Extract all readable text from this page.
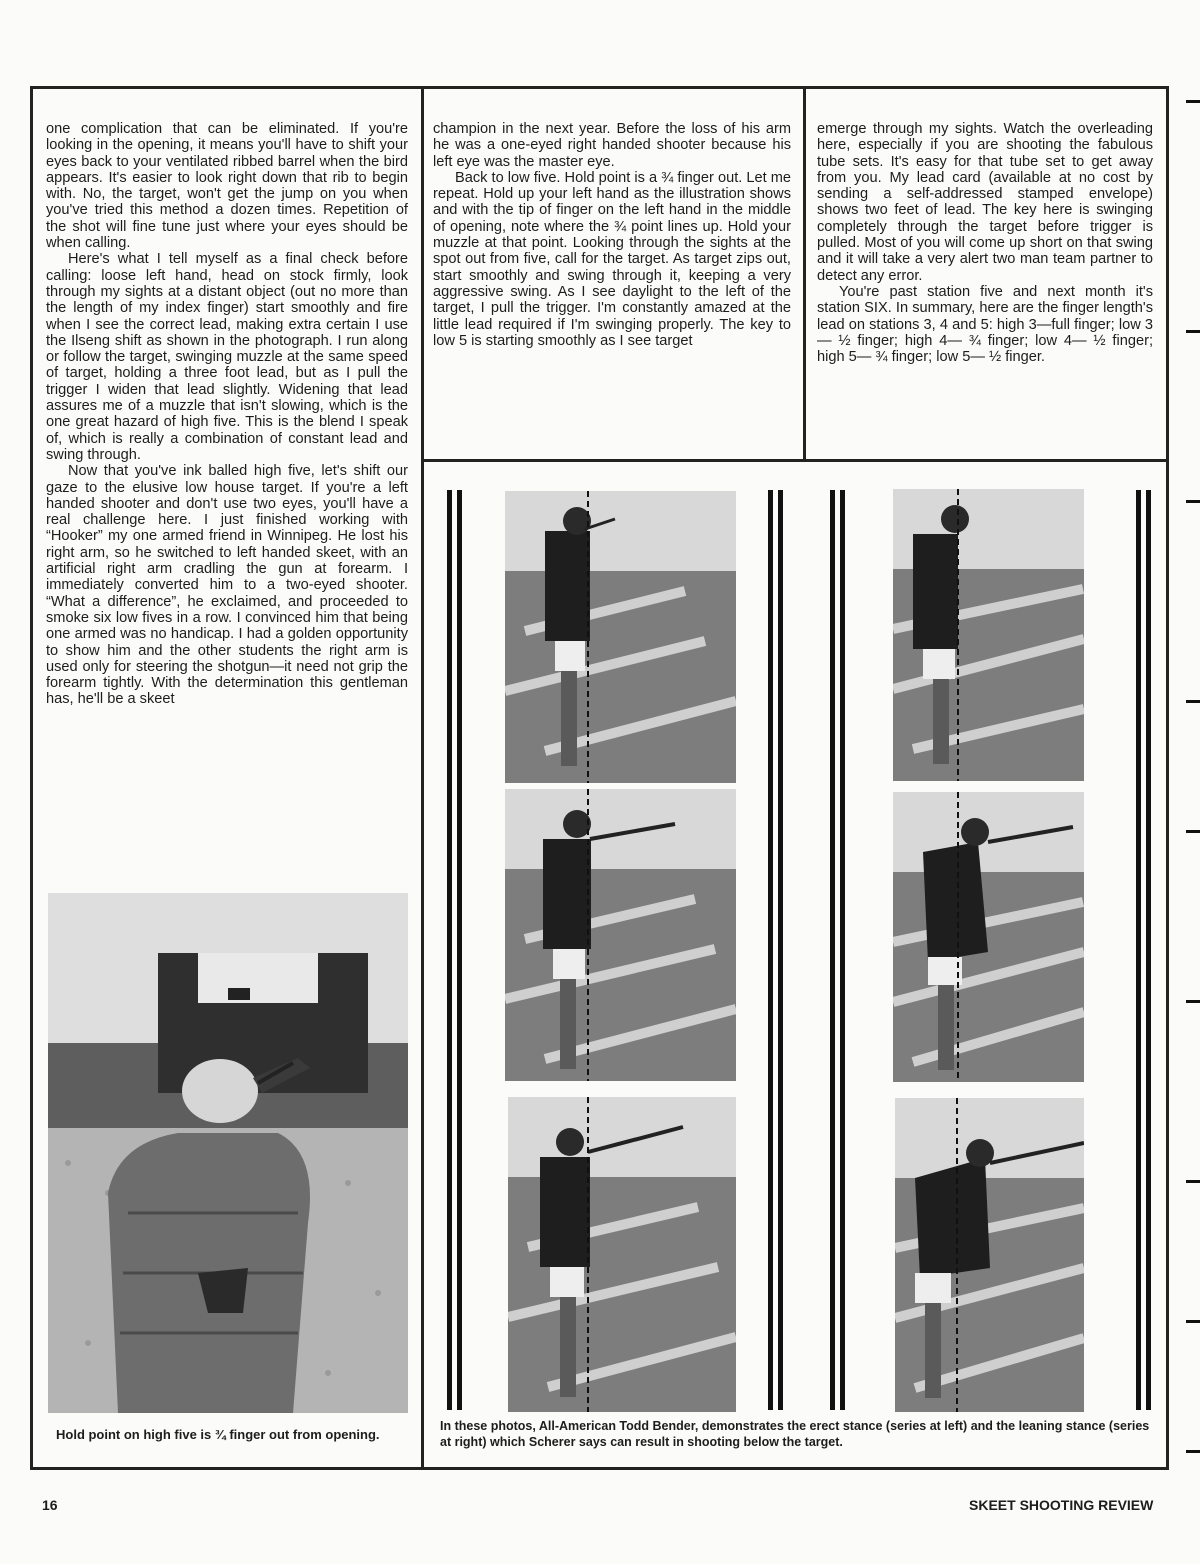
one complication that can be eliminated. If you're looking in the opening, it means you'll have to shift your eyes back to your ventilated ribbed barrel when the bird appears. It's easier to look right down that rib to begin with. No, the target, won't get the jump on you when you've tried this method a dozen times. Repetition of the shot will fine tune just where your eyes should be when calling.

Here's what I tell myself as a final check before calling: loose left hand, head on stock firmly, look through my sights at a distant object (out no more than the length of my index finger) start smoothly and fire when I see the correct lead, making extra certain I use the Ilseng shift as shown in the photograph. I run along or follow the target, swinging muzzle at the same speed of target, holding a three foot lead, but as I pull the trigger I widen that lead slightly. Widening that lead assures me of a muzzle that isn't slowing, which is the one great hazard of high five. This is the blend I speak of, which is really a combination of constant lead and swing through.

Now that you've ink balled high five, let's shift our gaze to the elusive low house target. If you're a left handed shooter and don't use two eyes, you'll have a real challenge here. I just finished working with “Hooker” my one armed friend in Winnipeg. He lost his right arm, so he switched to left handed skeet, with an artificial right arm cradling the gun at forearm. I immediately converted him to a two-eyed shooter. “What a difference”, he exclaimed, and proceeded to smoke six low fives in a row. I convinced him that being one armed was no handicap. I had a golden opportunity to show him and the other students the right arm is used only for steering the shotgun—it need not grip the forearm tightly. With the determination this gentleman has, he'll be a skeet

champion in the next year. Before the loss of his arm he was a one-eyed right handed shooter because his left eye was the master eye.

Back to low five. Hold point is a ¾ finger out. Let me repeat. Hold up your left hand as the illustration shows and with the tip of finger on the left hand in the middle of opening, note where the ¾ point lines up. Hold your muzzle at that point. Looking through the sights at the spot out from five, call for the target. As target zips out, start smoothly and swing through it, keeping a very aggressive swing. As I see daylight to the left of the target, I pull the trigger. I'm constantly amazed at the little lead required if I'm swinging properly. The key to low 5 is starting smoothly as I see target

emerge through my sights. Watch the overleading here, especially if you are shooting the fabulous tube sets. It's easy for that tube set to get away from you. My lead card (available at no cost by sending a self-addressed stamped envelope) shows two feet of lead. The key here is swinging completely through the target before trigger is pulled. Most of you will come up short on that swing and it will take a very alert two man team partner to detect any error.

You're past station five and next month it's station SIX. In summary, here are the finger length's lead on stations 3, 4 and 5: high 3—full finger; low 3— ½ finger; high 4— ¾ finger; low 4— ½ finger; high 5— ¾ finger; low 5— ½ finger.

Hold point on high five is ¾ finger out from opening.
In these photos, All-American Todd Bender, demonstrates the erect stance (series at left) and the leaning stance (series at right) which Scherer says can result in shooting below the target.
16	SKEET SHOOTING REVIEW
